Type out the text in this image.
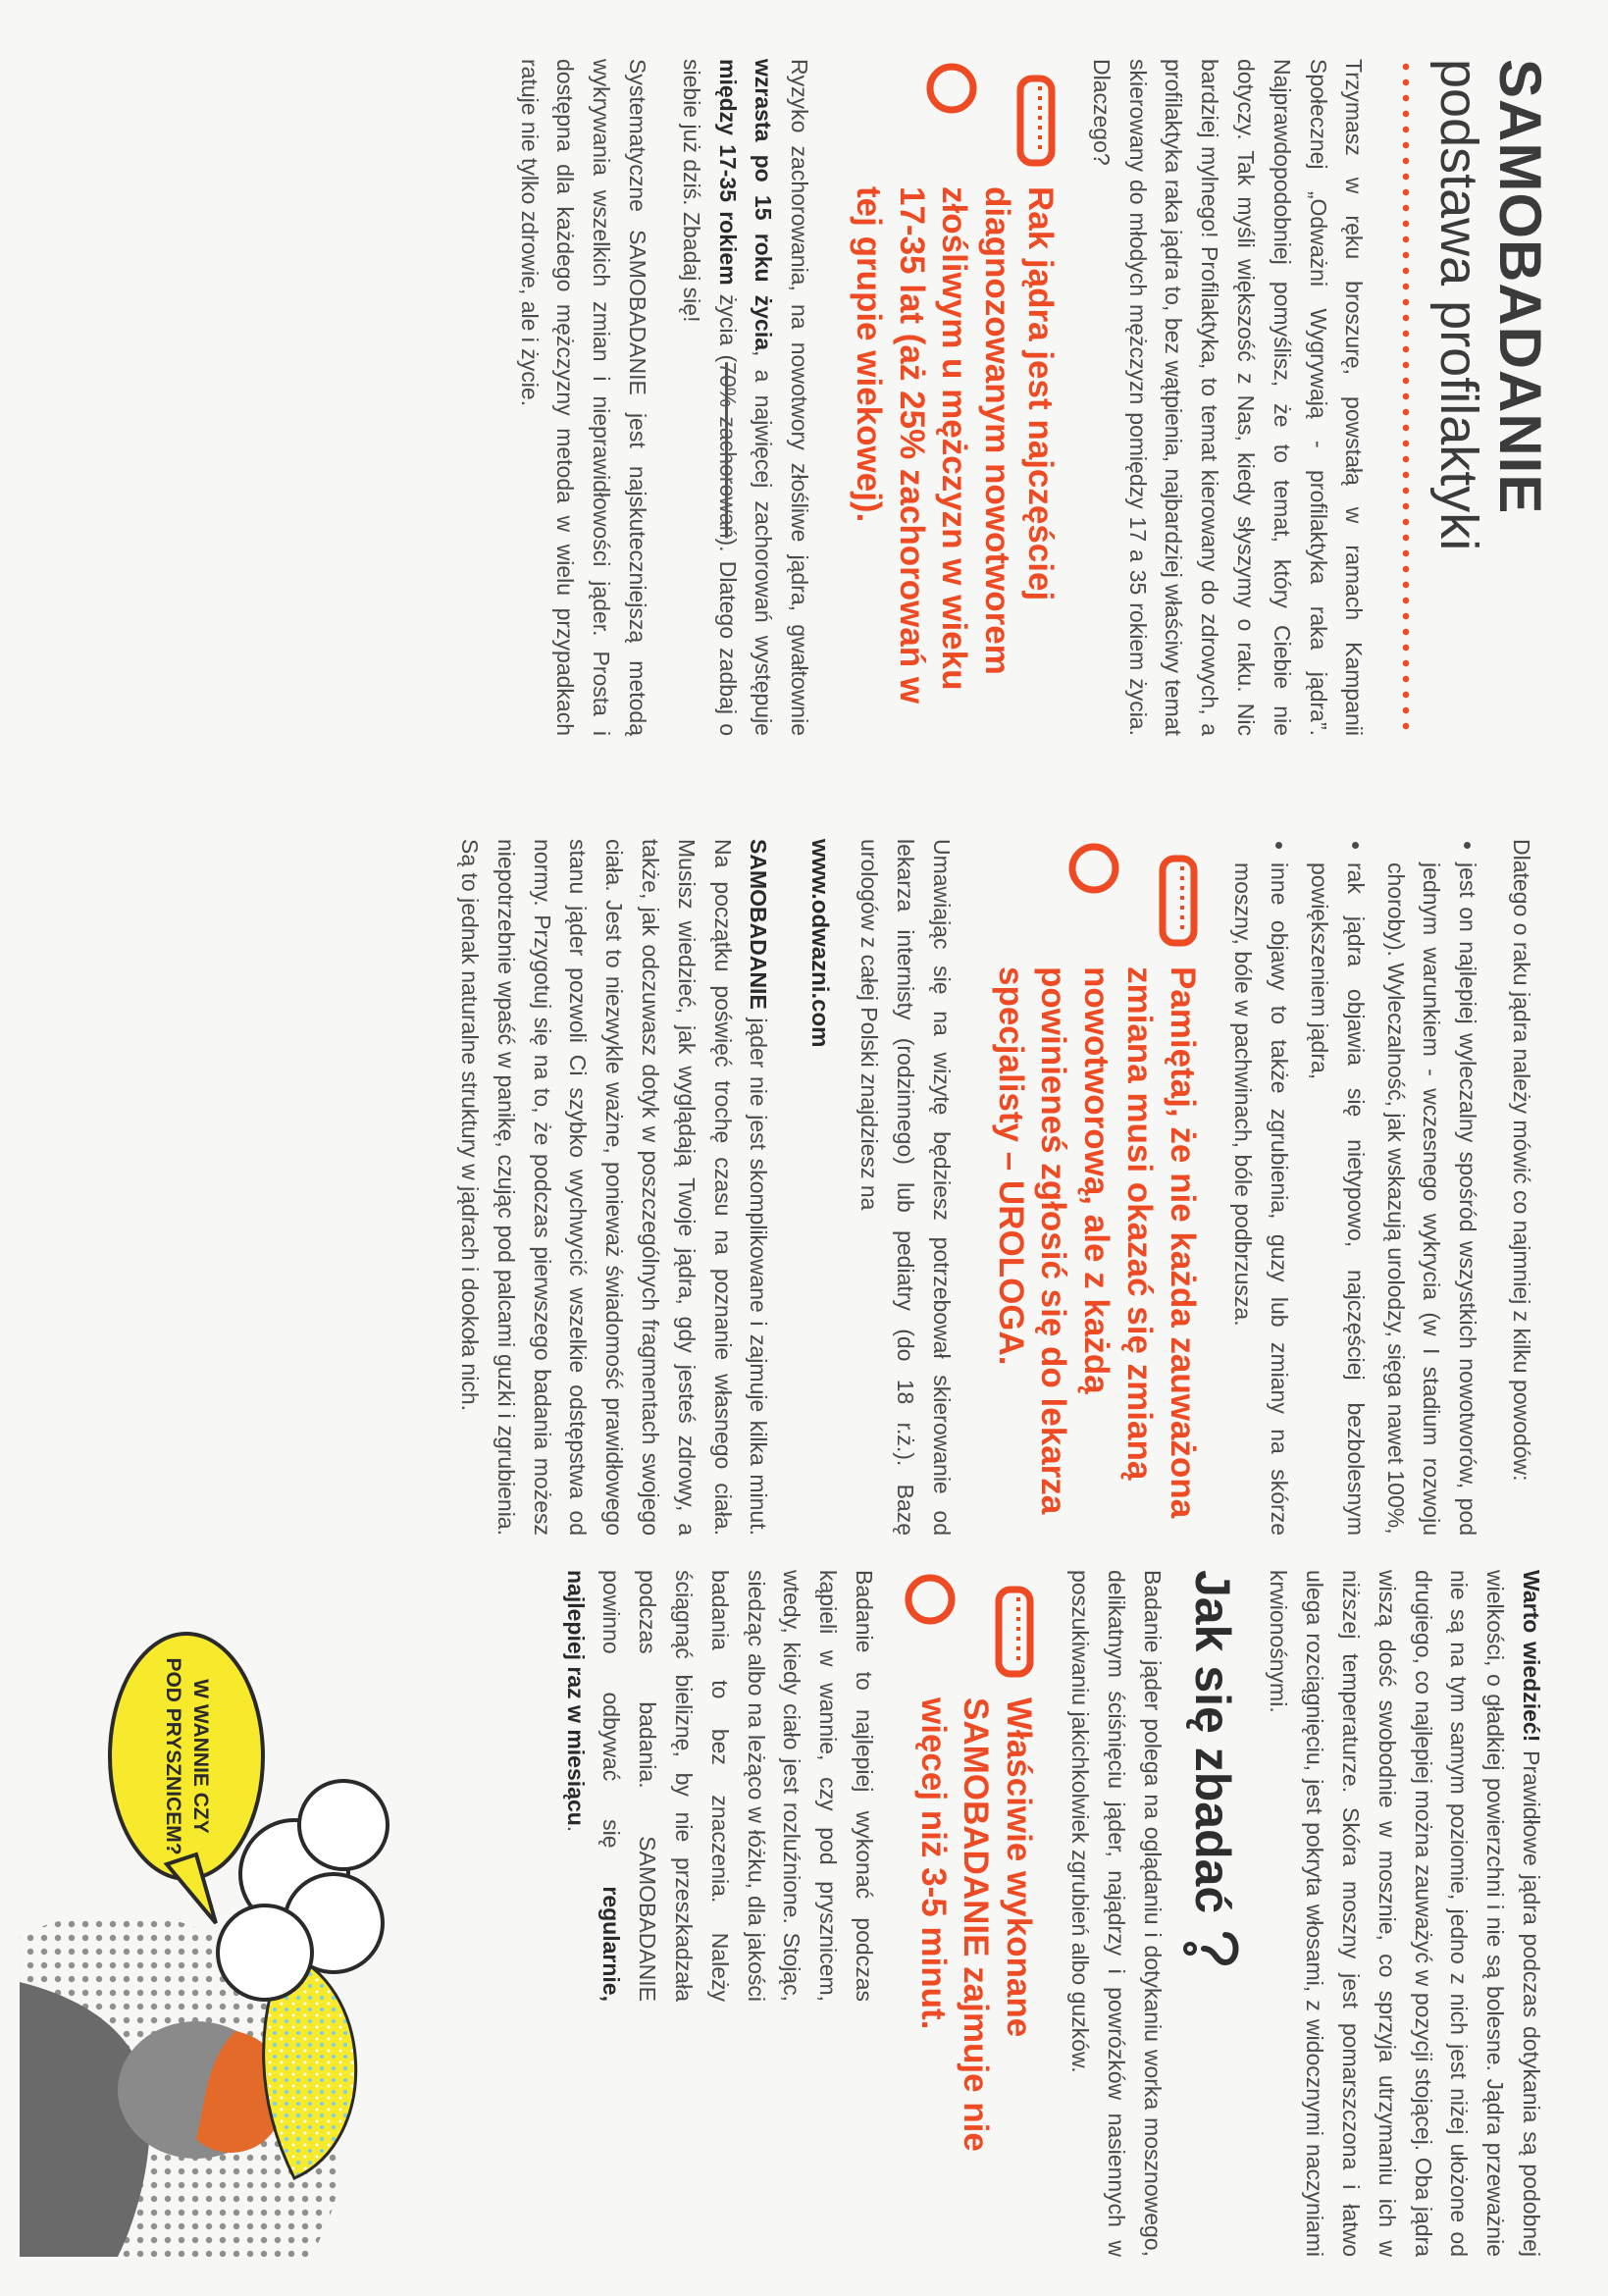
SAMOBADANIE
podstawa profilaktyki

Trzymasz w ręku broszurę, powstałą w ramach Kampanii Społecznej „Odważni Wygrywają - profilaktyka raka jądra”. Najprawdopodobniej pomyślisz, że to temat, który Ciebie nie dotyczy. Tak myśli większość z Nas, kiedy słyszymy o raku. Nic bardziej mylnego! Profilaktyka, to temat kierowany do zdrowych, a profilaktyka raka jądra to, bez wątpienia, najbardziej właściwy temat skierowany do młodych mężczyzn pomiędzy 17 a 35 rokiem życia. Dlaczego?

Rak jądra jest najczęściej diagnozowanym nowotworem złośliwym u mężczyzn w wieku 17-35 lat (aż 25% zachorowań w tej grupie wiekowej).

Ryzyko zachorowania, na nowotwory złośliwe jądra, gwałtownie wzrasta po 15 roku życia, a najwięcej zachorowań występuje między 17-35 rokiem życia (70% zachorowań). Dlatego zadbaj o siebie już dziś. Zbadaj się!

Systematyczne SAMOBADANIE jest najskuteczniejszą metodą wykrywania wszelkich zmian i nieprawidłowości jąder. Prosta i dostępna dla każdego mężczyzny metoda w wielu przypadkach ratuje nie tylko zdrowie, ale i życie.

Dlatego o raku jądra należy mówić co najmniej z kilku powodów:

• jest on najlepiej wyleczalny spośród wszystkich nowotworów, pod jednym warunkiem - wczesnego wykrycia (w I stadium rozwoju choroby). Wyleczalność, jak wskazują urolodzy, sięga nawet 100%,
• rak jądra objawia się nietypowo, najczęściej bezbolesnym powiększeniem jądra,
• inne objawy to także zgrubienia, guzy lub zmiany na skórze moszny, bóle w pachwinach, bóle podbrzusza.

Pamiętaj, że nie każda zauważona zmiana musi okazać się zmianą nowotworową, ale z każdą powinieneś zgłosić się do lekarza specjalisty – UROLOGA.

Umawiając się na wizytę będziesz potrzebował skierowanie od lekarza internisty (rodzinnego) lub pediatry (do 18 r.ż.). Bazę urologów z całej Polski znajdziesz na

www.odwazni.com

SAMOBADANIE jąder nie jest skomplikowane i zajmuje kilka minut. Na początku poświęć trochę czasu na poznanie własnego ciała. Musisz wiedzieć, jak wyglądają Twoje jądra, gdy jesteś zdrowy, a także, jak odczuwasz dotyk w poszczególnych fragmentach swojego ciała. Jest to niezwykle ważne, ponieważ świadomość prawidłowego stanu jąder pozwoli Ci szybko wychwycić wszelkie odstępstwa od normy. Przygotuj się na to, że podczas pierwszego badania możesz niepotrzebnie wpaść w panikę, czując pod palcami guzki i zgrubienia. Są to jednak naturalne struktury w jądrach i dookoła nich.

Warto wiedzieć! Prawidłowe jądra podczas dotykania są podobnej wielkości, o gładkiej powierzchni i nie są bolesne. Jądra przeważnie nie są na tym samym poziomie, jedno z nich jest niżej ułożone od drugiego, co najlepiej można zauważyć w pozycji stojącej. Oba jądra wiszą dość swobodnie w mosznie, co sprzyja utrzymaniu ich w niższej temperaturze. Skóra moszny jest pomarszczona i łatwo ulega rozciągnięciu, jest pokryta włosami, z widocznymi naczyniami krwionośnymi.

Jak się zbadać

Badanie jąder polega na oglądaniu i dotykaniu worka mosznowego, delikatnym ściśnięciu jąder, najądrzy i powrózków nasiennych w poszukiwaniu jakichkolwiek zgrubień albo guzków.

Właściwie wykonane SAMOBADANIE zajmuje nie więcej niż 3-5 minut.

Badanie to najlepiej wykonać podczas kąpieli w wannie, czy pod prysznicem, wtedy, kiedy ciało jest rozluźnione. Stojąc, siedząc albo na leżąco w łóżku, dla jakości badania to bez znaczenia. Należy ściągnąć bieliznę, by nie przeszkadzała podczas badania. SAMOBADANIE powinno odbywać się regularnie, najlepiej raz w miesiącu.

W WANNIE CZY
POD PRYSZNICEM?
